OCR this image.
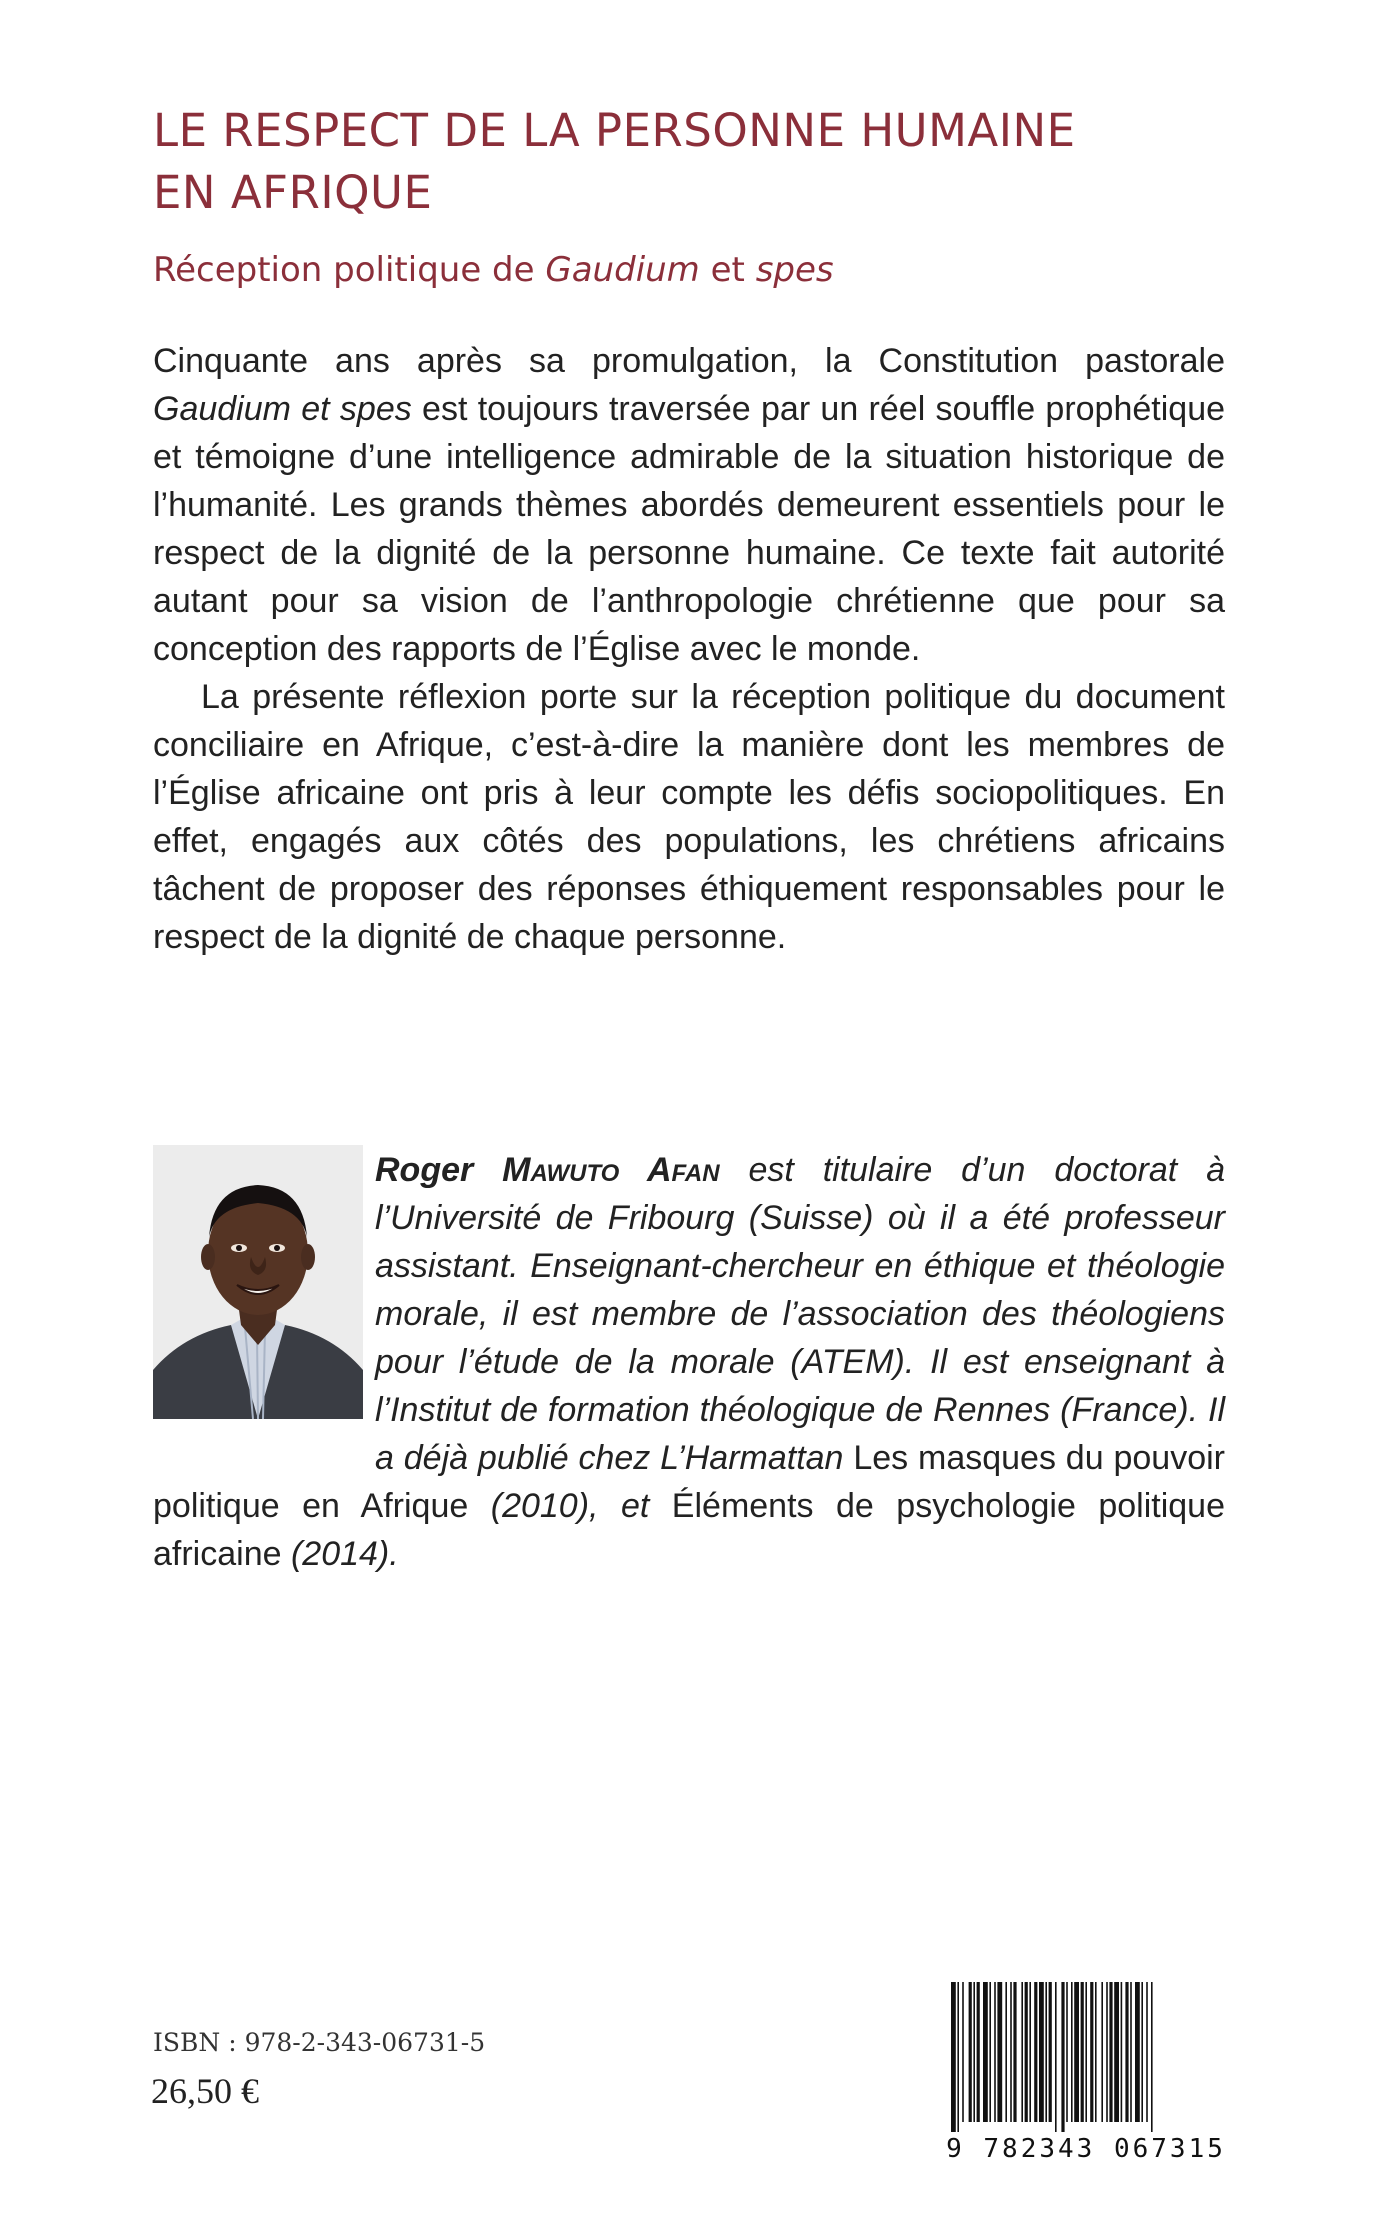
LE RESPECT DE LA PERSONNE HUMAINE
EN AFRIQUE
Réception politique de Gaudium et spes

Cinquante ans après sa promulgation, la Constitution pastorale Gaudium et spes est toujours traversée par un réel souffle prophétique et témoigne d’une intelligence admirable de la situation historique de l’humanité. Les grands thèmes abordés demeurent essentiels pour le respect de la dignité de la personne humaine. Ce texte fait autorité autant pour sa vision de l’anthropologie chrétienne que pour sa conception des rapports de l’Église avec le monde.

La présente réflexion porte sur la réception politique du document conciliaire en Afrique, c’est-à-dire la manière dont les membres de l’Église africaine ont pris à leur compte les défis sociopolitiques. En effet, engagés aux côtés des populations, les chrétiens africains tâchent de proposer des réponses éthiquement responsables pour le respect de la dignité de chaque personne.

Roger Mawuto Afan est titulaire d’un doctorat à l’Université de Fribourg (Suisse) où il a été professeur assistant. Enseignant-chercheur en éthique et théologie morale, il est membre de l’association des théologiens pour l’étude de la morale (ATEM). Il est enseignant à l’Institut de formation théologique de Rennes (France). Il a déjà publié chez L’Harmattan Les masques du pouvoir politique en Afrique (2010), et Éléments de psychologie politique africaine (2014).
ISBN : 978-2-343-06731-5
26,50 €
9 782343 067315
